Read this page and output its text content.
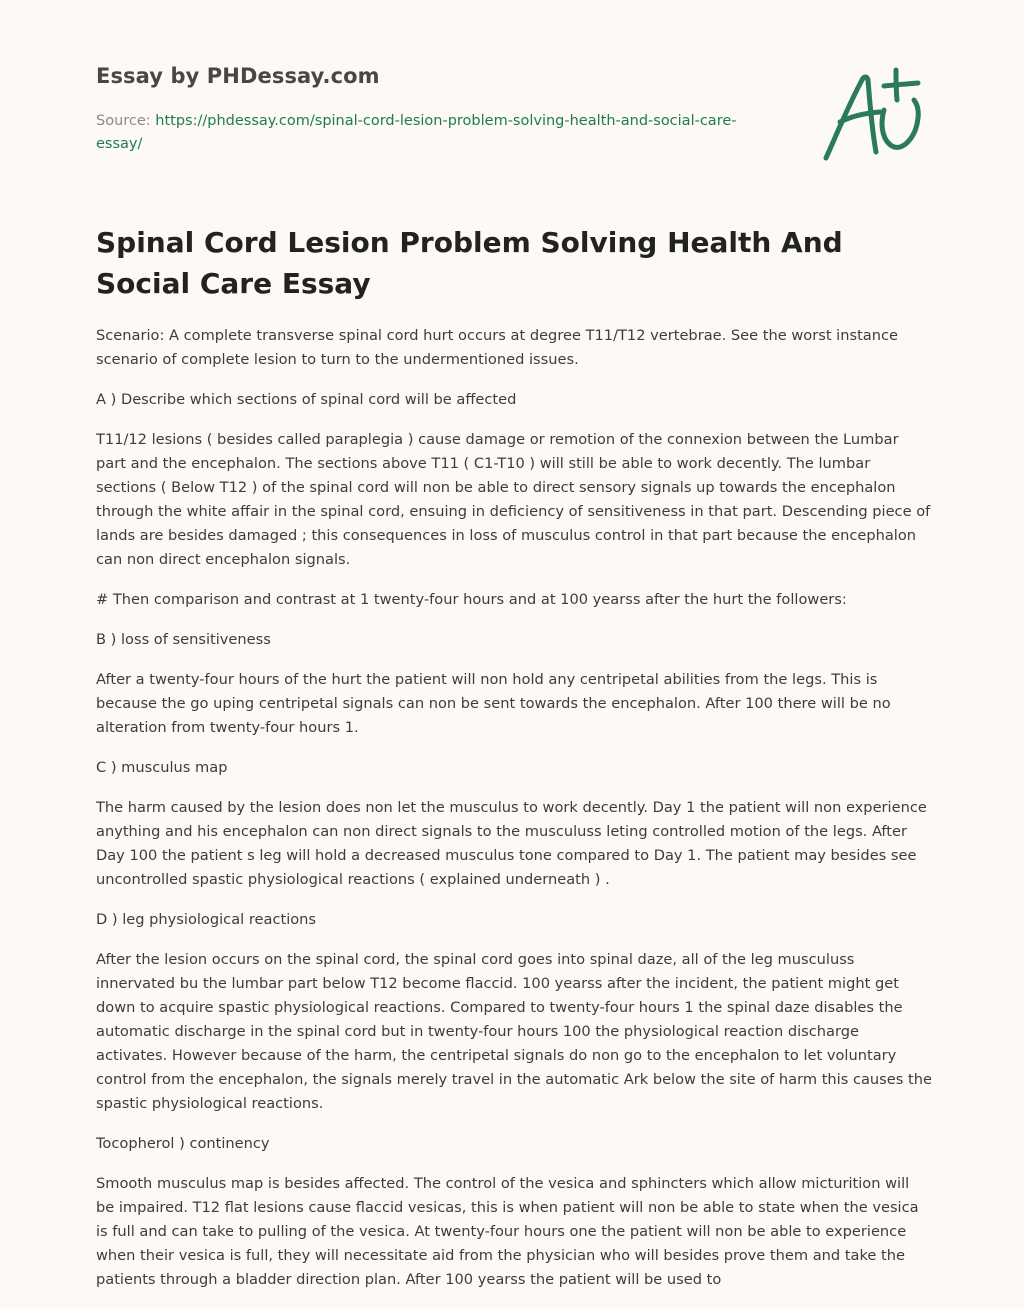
Essay by PHDessay.com
Source: https://phdessay.com/spinal-cord-lesion-problem-solving-health-and-social-care-essay/
Spinal Cord Lesion Problem Solving Health And Social Care Essay

Scenario: A complete transverse spinal cord hurt occurs at degree T11/T12 vertebrae. See the worst instance scenario of complete lesion to turn to the undermentioned issues.

A ) Describe which sections of spinal cord will be affected

T11/12 lesions ( besides called paraplegia ) cause damage or remotion of the connexion between the Lumbar part and the encephalon. The sections above T11 ( C1-T10 ) will still be able to work decently. The lumbar sections ( Below T12 ) of the spinal cord will non be able to direct sensory signals up towards the encephalon through the white affair in the spinal cord, ensuing in deficiency of sensitiveness in that part. Descending piece of lands are besides damaged ; this consequences in loss of musculus control in that part because the encephalon can non direct encephalon signals.

# Then comparison and contrast at 1 twenty-four hours and at 100 yearss after the hurt the followers:

B ) loss of sensitiveness

After a twenty-four hours of the hurt the patient will non hold any centripetal abilities from the legs. This is because the go uping centripetal signals can non be sent towards the encephalon. After 100 there will be no alteration from twenty-four hours 1.

C ) musculus map

The harm caused by the lesion does non let the musculus to work decently. Day 1 the patient will non experience anything and his encephalon can non direct signals to the musculuss leting controlled motion of the legs. After Day 100 the patient s leg will hold a decreased musculus tone compared to Day 1. The patient may besides see uncontrolled spastic physiological reactions ( explained underneath ) .

D ) leg physiological reactions

After the lesion occurs on the spinal cord, the spinal cord goes into spinal daze, all of the leg musculuss innervated bu the lumbar part below T12 become flaccid. 100 yearss after the incident, the patient might get down to acquire spastic physiological reactions. Compared to twenty-four hours 1 the spinal daze disables the automatic discharge in the spinal cord but in twenty-four hours 100 the physiological reaction discharge activates. However because of the harm, the centripetal signals do non go to the encephalon to let voluntary control from the encephalon, the signals merely travel in the automatic Ark below the site of harm this causes the spastic physiological reactions.

Tocopherol ) continency

Smooth musculus map is besides affected. The control of the vesica and sphincters which allow micturition will be impaired. T12 flat lesions cause flaccid vesicas, this is when patient will non be able to state when the vesica is full and can take to pulling of the vesica. At twenty-four hours one the patient will non be able to experience when their vesica is full, they will necessitate aid from the physician who will besides prove them and take the patients through a bladder direction plan. After 100 yearss the patient will be used to
